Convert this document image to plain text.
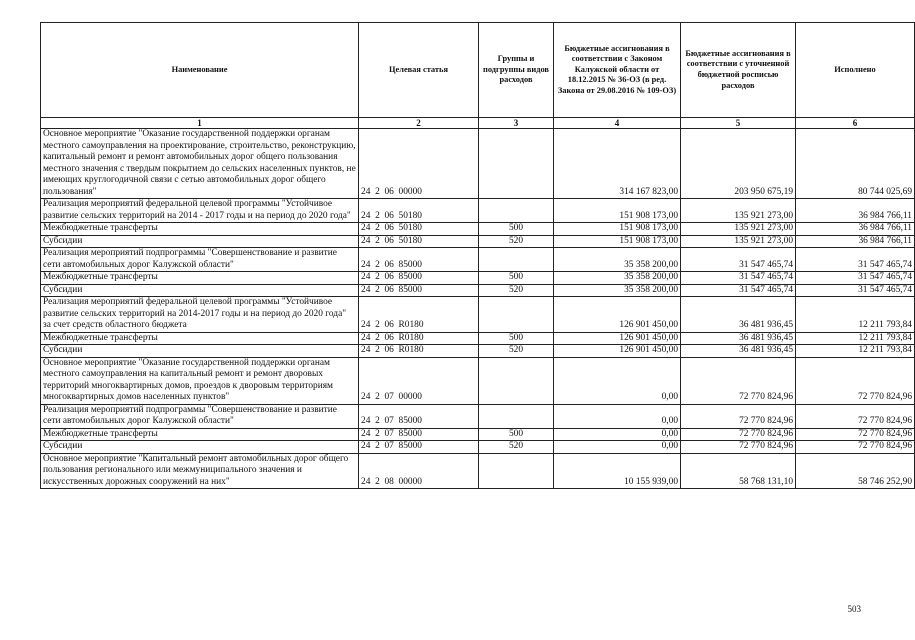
Наименование	Целевая статья	Группы и подгруппы видов расходов	Бюджетные ассигнования в соответствии с Законом Калужской области от 18.12.2015 № 36-ОЗ (в ред. Закона от 29.08.2016 № 109-ОЗ)	Бюджетные ассигнования в соответствии с уточненной бюджетной росписью расходов	Исполнено
1	2	3	4	5	6
Основное мероприятие "Оказание государственной поддержки органам местного самоуправления на проектирование, строительство, реконструкцию, капитальный ремонт и ремонт автомобильных дорог общего пользования местного значения с твердым покрытием до сельских населенных пунктов, не имеющих круглогодичной связи с сетью автомобильных дорог общего пользования"	24  2  06  00000		314 167 823,00	203 950 675,19	80 744 025,69
Реализация мероприятий федеральной целевой программы "Устойчивое развитие сельских территорий на 2014 - 2017 годы и на период до 2020 года"	24  2  06  50180		151 908 173,00	135 921 273,00	36 984 766,11
Межбюджетные трансферты	24  2  06  50180	500	151 908 173,00	135 921 273,00	36 984 766,11
Субсидии	24  2  06  50180	520	151 908 173,00	135 921 273,00	36 984 766,11
Реализация мероприятий подпрограммы "Совершенствование и развитие сети автомобильных дорог Калужской области"	24  2  06  85000		35 358 200,00	31 547 465,74	31 547 465,74
Межбюджетные трансферты	24  2  06  85000	500	35 358 200,00	31 547 465,74	31 547 465,74
Субсидии	24  2  06  85000	520	35 358 200,00	31 547 465,74	31 547 465,74
Реализация мероприятий федеральной целевой программы "Устойчивое развитие сельских территорий на 2014-2017 годы и на период до 2020 года" за счет средств областного бюджета	24  2  06  R0180		126 901 450,00	36 481 936,45	12 211 793,84
Межбюджетные трансферты	24  2  06  R0180	500	126 901 450,00	36 481 936,45	12 211 793,84
Субсидии	24  2  06  R0180	520	126 901 450,00	36 481 936,45	12 211 793,84
Основное мероприятие "Оказание государственной поддержки органам местного самоуправления на капитальный ремонт и ремонт дворовых территорий многоквартирных домов, проездов к дворовым территориям многоквартирных домов населенных пунктов"	24  2  07  00000		0,00	72 770 824,96	72 770 824,96
Реализация мероприятий подпрограммы "Совершенствование и развитие сети автомобильных дорог Калужской области"	24  2  07  85000		0,00	72 770 824,96	72 770 824,96
Межбюджетные трансферты	24  2  07  85000	500	0,00	72 770 824,96	72 770 824,96
Субсидии	24  2  07  85000	520	0,00	72 770 824,96	72 770 824,96
Основное мероприятие "Капитальный ремонт автомобильных дорог общего пользования регионального или межмуниципального значения и искусственных дорожных сооружений на них"	24  2  08  00000		10 155 939,00	58 768 131,10	58 746 252,90
503
